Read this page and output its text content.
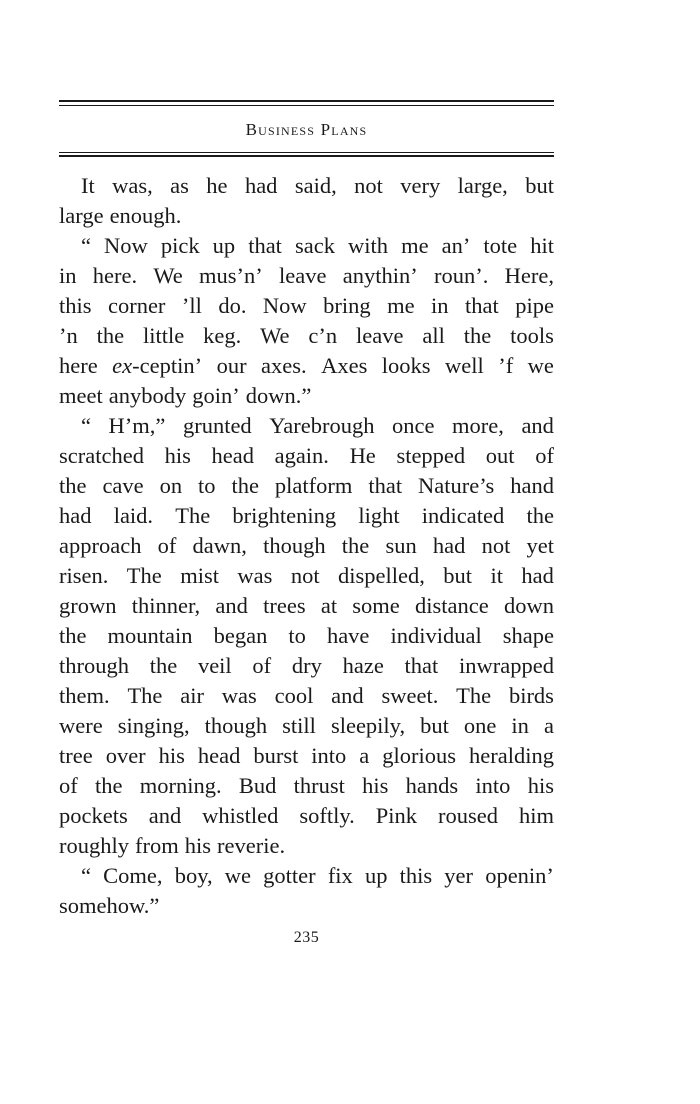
Business Plans
It was, as he had said, not very large, but
large enough.
“ Now pick up that sack with me an’ tote hit
in here. We mus’n’ leave anythin’ roun’. Here,
this corner ’ll do. Now bring me in that pipe
’n the little keg. We c’n leave all the tools
here ex-ceptin’ our axes. Axes looks well ’f we
meet anybody goin’ down.”
“ H’m,” grunted Yarebrough once more, and
scratched his head again. He stepped out of
the cave on to the platform that Nature’s hand
had laid. The brightening light indicated the
approach of dawn, though the sun had not yet
risen. The mist was not dispelled, but it had
grown thinner, and trees at some distance down
the mountain began to have individual shape
through the veil of dry haze that inwrapped
them. The air was cool and sweet. The birds
were singing, though still sleepily, but one in a
tree over his head burst into a glorious heralding
of the morning. Bud thrust his hands into his
pockets and whistled softly. Pink roused him
roughly from his reverie.
“ Come, boy, we gotter fix up this yer openin’
somehow.”
235
